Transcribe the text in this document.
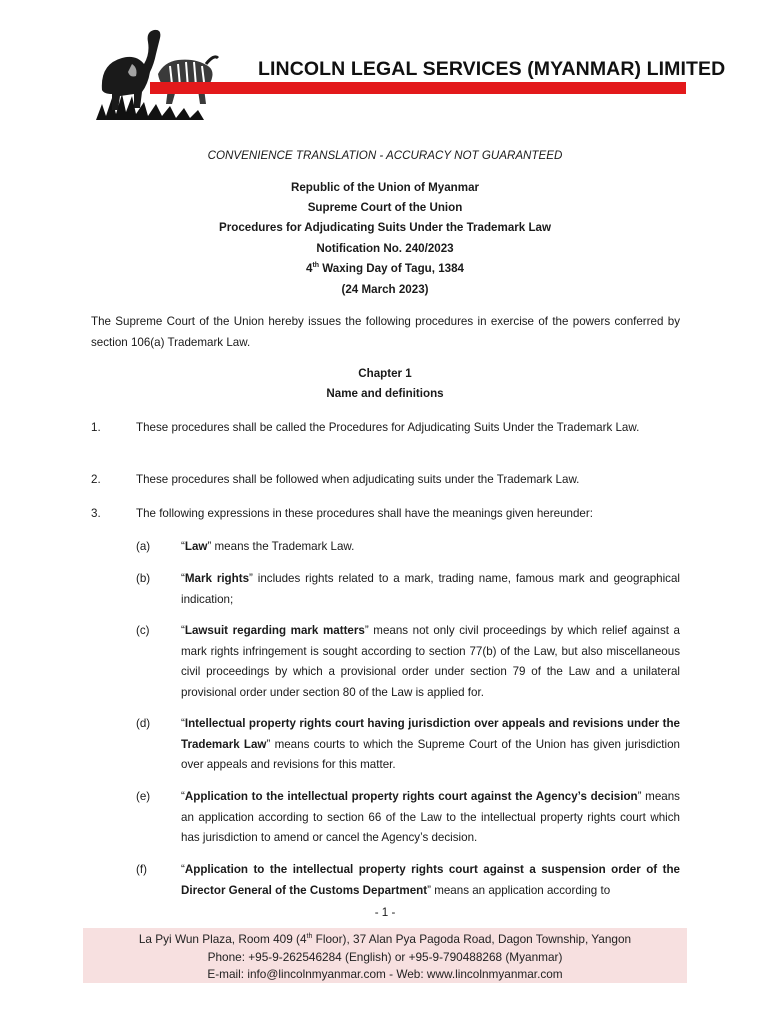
LINCOLN LEGAL SERVICES (MYANMAR) LIMITED
CONVENIENCE TRANSLATION - ACCURACY NOT GUARANTEED
Republic of the Union of Myanmar
Supreme Court of the Union
Procedures for Adjudicating Suits Under the Trademark Law
Notification No. 240/2023
4th Waxing Day of Tagu, 1384
(24 March 2023)
The Supreme Court of the Union hereby issues the following procedures in exercise of the powers conferred by section 106(a) Trademark Law.
Chapter 1
Name and definitions
1.	These procedures shall be called the Procedures for Adjudicating Suits Under the Trademark Law.
2.	These procedures shall be followed when adjudicating suits under the Trademark Law.
3.	The following expressions in these procedures shall have the meanings given hereunder:
(a)	“Law” means the Trademark Law.
(b)	“Mark rights” includes rights related to a mark, trading name, famous mark and geographical indication;
(c)	“Lawsuit regarding mark matters” means not only civil proceedings by which relief against a mark rights infringement is sought according to section 77(b) of the Law, but also miscellaneous civil proceedings by which a provisional order under section 79 of the Law and a unilateral provisional order under section 80 of the Law is applied for.
(d)	“Intellectual property rights court having jurisdiction over appeals and revisions under the Trademark Law” means courts to which the Supreme Court of the Union has given jurisdiction over appeals and revisions for this matter.
(e)	“Application to the intellectual property rights court against the Agency’s decision” means an application according to section 66 of the Law to the intellectual property rights court which has jurisdiction to amend or cancel the Agency’s decision.
(f)	“Application to the intellectual property rights court against a suspension order of the Director General of the Customs Department” means an application according to
- 1 -
La Pyi Wun Plaza, Room 409 (4th Floor), 37 Alan Pya Pagoda Road, Dagon Township, Yangon
Phone: +95-9-262546284 (English) or +95-9-790488268 (Myanmar)
E-mail: info@lincolnmyanmar.com - Web: www.lincolnmyanmar.com
